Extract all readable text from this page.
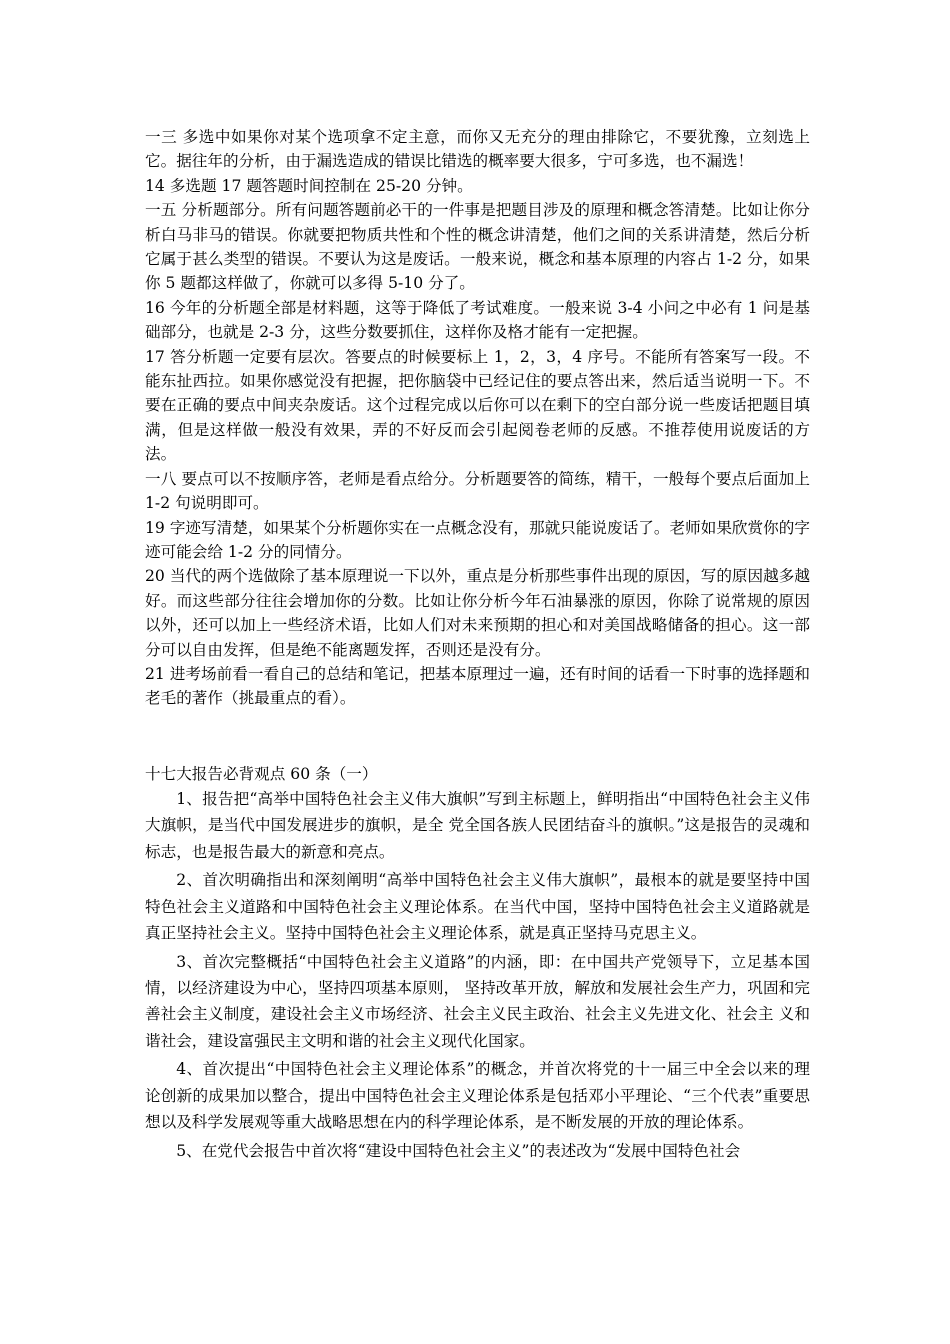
一三 多选中如果你对某个选项拿不定主意，而你又无充分的理由排除它，不要犹豫，立刻选上它。据往年的分析，由于漏选造成的错误比错选的概率要大很多，宁可多选，也不漏选！

14 多选题 17 题答题时间控制在 25-20 分钟。

一五 分析题部分。所有问题答题前必干的一件事是把题目涉及的原理和概念答清楚。比如让你分析白马非马的错误。你就要把物质共性和个性的概念讲清楚，他们之间的关系讲清楚，然后分析它属于甚么类型的错误。不要认为这是废话。一般来说，概念和基本原理的内容占 1-2 分，如果你 5 题都这样做了，你就可以多得 5-10 分了。

16 今年的分析题全部是材料题，这等于降低了考试难度。一般来说 3-4 小问之中必有 1 问是基础部分，也就是 2-3 分，这些分数要抓住，这样你及格才能有一定把握。

17 答分析题一定要有层次。答要点的时候要标上 1，2，3，4 序号。不能所有答案写一段。不能东扯西拉。如果你感觉没有把握，把你脑袋中已经记住的要点答出来，然后适当说明一下。不要在正确的要点中间夹杂废话。这个过程完成以后你可以在剩下的空白部分说一些废话把题目填满，但是这样做一般没有效果，弄的不好反而会引起阅卷老师的反感。不推荐使用说废话的方法。

一八 要点可以不按顺序答，老师是看点给分。分析题要答的简练，精干，一般每个要点后面加上 1-2 句说明即可。

19 字迹写清楚，如果某个分析题你实在一点概念没有，那就只能说废话了。老师如果欣赏你的字迹可能会给 1-2 分的同情分。

20 当代的两个选做除了基本原理说一下以外，重点是分析那些事件出现的原因，写的原因越多越好。而这些部分往往会增加你的分数。比如让你分析今年石油暴涨的原因，你除了说常规的原因以外，还可以加上一些经济术语，比如人们对未来预期的担心和对美国战略储备的担心。这一部分可以自由发挥，但是绝不能离题发挥，否则还是没有分。

21 进考场前看一看自己的总结和笔记，把基本原理过一遍，还有时间的话看一下时事的选择题和老毛的著作（挑最重点的看）。

十七大报告必背观点 60 条（一）

1、报告把“高举中国特色社会主义伟大旗帜”写到主标题上，鲜明指出“中国特色社会主义伟大旗帜，是当代中国发展进步的旗帜，是全 党全国各族人民团结奋斗的旗帜。”这是报告的灵魂和标志，也是报告最大的新意和亮点。

2、首次明确指出和深刻阐明“高举中国特色社会主义伟大旗帜”，最根本的就是要坚持中国特色社会主义道路和中国特色社会主义理论体系。在当代中国，坚持中国特色社会主义道路就是真正坚持社会主义。坚持中国特色社会主义理论体系，就是真正坚持马克思主义。

3、首次完整概括“中国特色社会主义道路”的内涵，即：在中国共产党领导下，立足基本国情，以经济建设为中心，坚持四项基本原则， 坚持改革开放，解放和发展社会生产力，巩固和完善社会主义制度，建设社会主义市场经济、社会主义民主政治、社会主义先进文化、社会主 义和谐社会，建设富强民主文明和谐的社会主义现代化国家。

4、首次提出“中国特色社会主义理论体系”的概念，并首次将党的十一届三中全会以来的理论创新的成果加以整合，提出中国特色社会主义理论体系是包括邓小平理论、“三个代表”重要思想以及科学发展观等重大战略思想在内的科学理论体系，是不断发展的开放的理论体系。

5、在党代会报告中首次将“建设中国特色社会主义”的表述改为“发展中国特色社会
